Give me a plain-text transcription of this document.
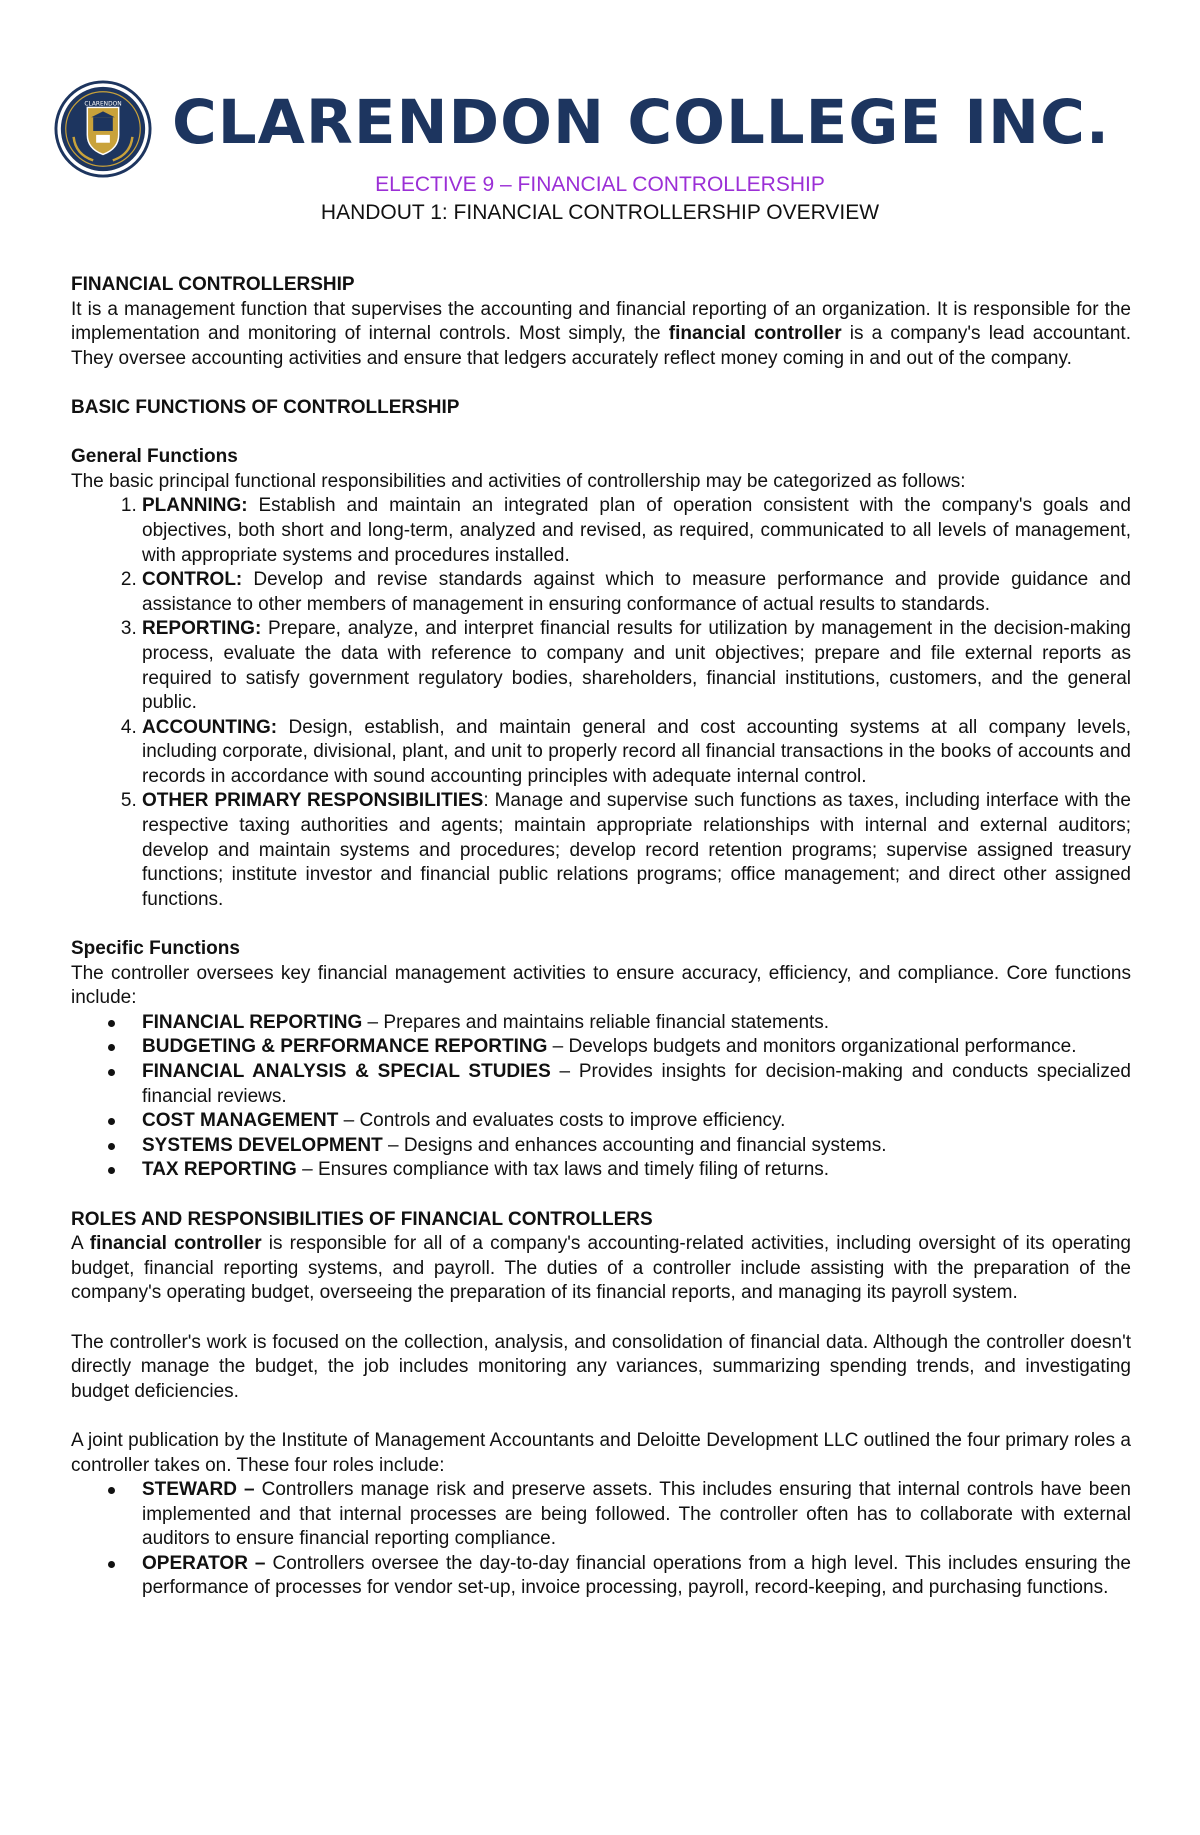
CLARENDON CLARENDON COLLEGE INC.
ELECTIVE 9 – FINANCIAL CONTROLLERSHIP
HANDOUT 1: FINANCIAL CONTROLLERSHIP OVERVIEW

FINANCIAL CONTROLLERSHIP

It is a management function that supervises the accounting and financial reporting of an organization. It is responsible for the implementation and monitoring of internal controls. Most simply, the financial controller is a company's lead accountant. They oversee accounting activities and ensure that ledgers accurately reflect money coming in and out of the company.

BASIC FUNCTIONS OF CONTROLLERSHIP

General Functions

The basic principal functional responsibilities and activities of controllership may be categorized as follows:

1. PLANNING: Establish and maintain an integrated plan of operation consistent with the company's goals and objectives, both short and long-term, analyzed and revised, as required, communicated to all levels of management, with appropriate systems and procedures installed.
2. CONTROL: Develop and revise standards against which to measure performance and provide guidance and assistance to other members of management in ensuring conformance of actual results to standards.
3. REPORTING: Prepare, analyze, and interpret financial results for utilization by management in the decision-making process, evaluate the data with reference to company and unit objectives; prepare and file external reports as required to satisfy government regulatory bodies, shareholders, financial institutions, customers, and the general public.
4. ACCOUNTING: Design, establish, and maintain general and cost accounting systems at all company levels, including corporate, divisional, plant, and unit to properly record all financial transactions in the books of accounts and records in accordance with sound accounting principles with adequate internal control.
5. OTHER PRIMARY RESPONSIBILITIES: Manage and supervise such functions as taxes, including interface with the respective taxing authorities and agents; maintain appropriate relationships with internal and external auditors; develop and maintain systems and procedures; develop record retention programs; supervise assigned treasury functions; institute investor and financial public relations programs; office management; and direct other assigned functions.

Specific Functions

The controller oversees key financial management activities to ensure accuracy, efficiency, and compliance. Core functions include:

FINANCIAL REPORTING – Prepares and maintains reliable financial statements.
BUDGETING & PERFORMANCE REPORTING – Develops budgets and monitors organizational performance.
FINANCIAL ANALYSIS & SPECIAL STUDIES – Provides insights for decision-making and conducts specialized financial reviews.
COST MANAGEMENT – Controls and evaluates costs to improve efficiency.
SYSTEMS DEVELOPMENT – Designs and enhances accounting and financial systems.
TAX REPORTING – Ensures compliance with tax laws and timely filing of returns.

ROLES AND RESPONSIBILITIES OF FINANCIAL CONTROLLERS

A financial controller is responsible for all of a company's accounting-related activities, including oversight of its operating budget, financial reporting systems, and payroll. The duties of a controller include assisting with the preparation of the company's operating budget, overseeing the preparation of its financial reports, and managing its payroll system.

The controller's work is focused on the collection, analysis, and consolidation of financial data. Although the controller doesn't directly manage the budget, the job includes monitoring any variances, summarizing spending trends, and investigating budget deficiencies.

A joint publication by the Institute of Management Accountants and Deloitte Development LLC outlined the four primary roles a controller takes on. These four roles include:

STEWARD – Controllers manage risk and preserve assets. This includes ensuring that internal controls have been implemented and that internal processes are being followed. The controller often has to collaborate with external auditors to ensure financial reporting compliance.
OPERATOR – Controllers oversee the day-to-day financial operations from a high level. This includes ensuring the performance of processes for vendor set-up, invoice processing, payroll, record-keeping, and purchasing functions.
